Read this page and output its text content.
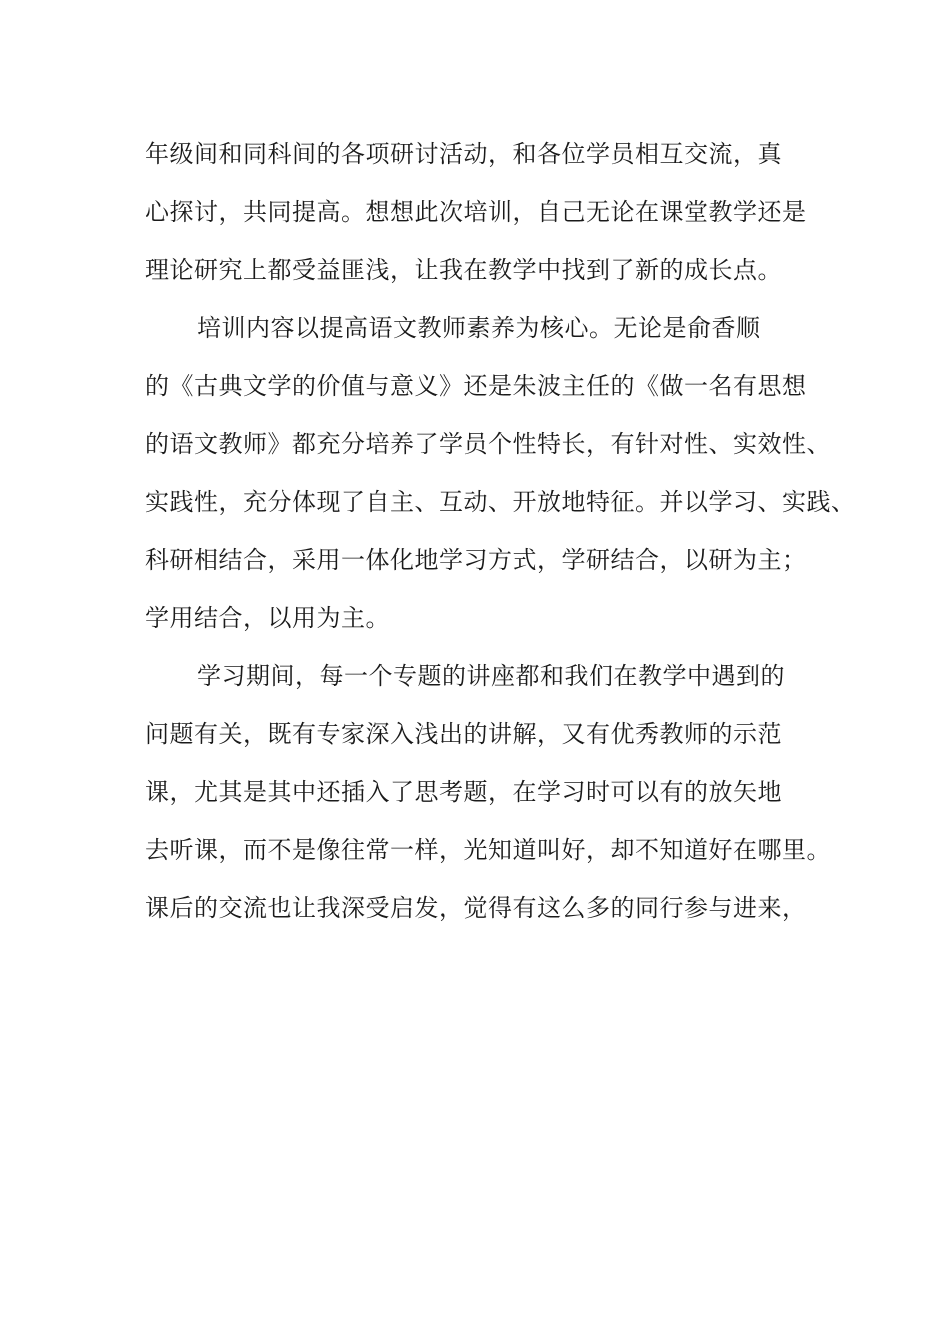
年级间和同科间的各项研讨活动，和各位学员相互交流，真
心探讨，共同提高。想想此次培训，自己无论在课堂教学还是
理论研究上都受益匪浅，让我在教学中找到了新的成长点。
培训内容以提高语文教师素养为核心。无论是俞香顺
的《古典文学的价值与意义》还是朱波主任的《做一名有思想
的语文教师》都充分培养了学员个性特长，有针对性、实效性、
实践性，充分体现了自主、互动、开放地特征。并以学习、实践、
科研相结合，采用一体化地学习方式，学研结合，以研为主；
学用结合，以用为主。
学习期间，每一个专题的讲座都和我们在教学中遇到的
问题有关，既有专家深入浅出的讲解，又有优秀教师的示范
课，尤其是其中还插入了思考题，在学习时可以有的放矢地
去听课，而不是像往常一样，光知道叫好，却不知道好在哪里。
课后的交流也让我深受启发，觉得有这么多的同行参与进来，
